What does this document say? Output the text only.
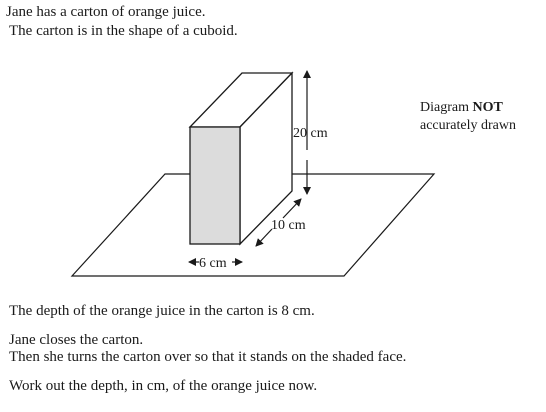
Jane has a carton of orange juice.

The carton is in the shape of a cuboid.

20 cm
10 cm
6 cm
Diagram NOT
accurately drawn

The depth of the orange juice in the carton is 8 cm.

Jane closes the carton.

Then she turns the carton over so that it stands on the shaded face.

Work out the depth, in cm, of the orange juice now.
